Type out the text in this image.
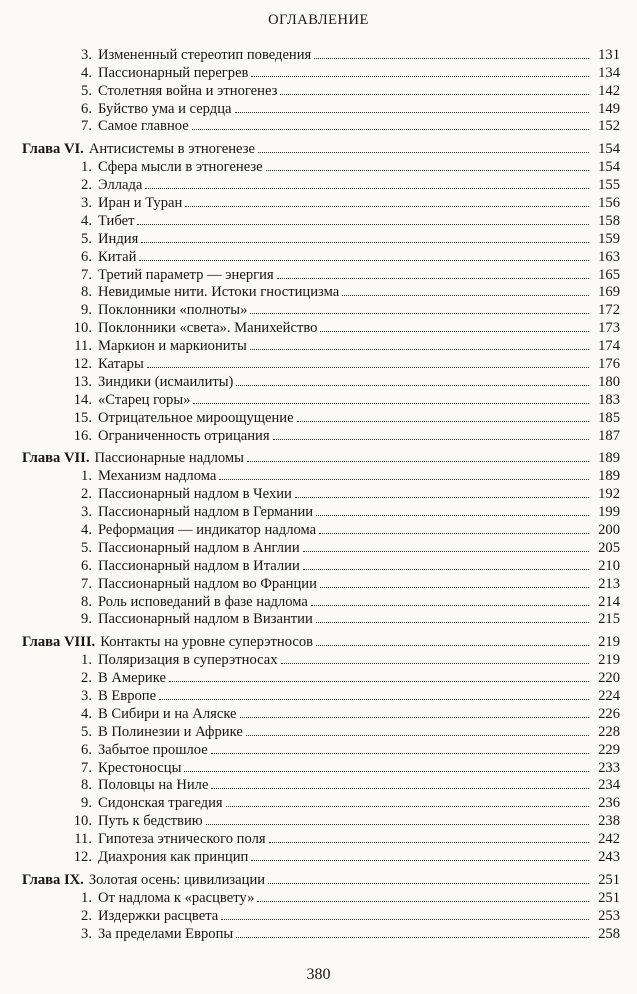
ОГЛАВЛЕНИЕ
3. Измененный стереотип поведения	131
4. Пассионарный перегрев	134
5. Столетняя война и этногенез	142
6. Буйство ума и сердца	149
7. Самое главное	152
Глава VI. Антисистемы в этногенезе	154
1. Сфера мысли в этногенезе	154
2. Эллада	155
3. Иран и Туран	156
4. Тибет	158
5. Индия	159
6. Китай	163
7. Третий параметр — энергия	165
8. Невидимые нити. Истоки гностицизма	169
9. Поклонники «полноты»	172
10. Поклонники «света». Манихейство	173
11. Маркион и маркиониты	174
12. Катары	176
13. Зиндики (исмаилиты)	180
14. «Старец горы»	183
15. Отрицательное мироощущение	185
16. Ограниченность отрицания	187
Глава VII. Пассионарные надломы	189
1. Механизм надлома	189
2. Пассионарный надлом в Чехии	192
3. Пассионарный надлом в Германии	199
4. Реформация — индикатор надлома	200
5. Пассионарный надлом в Англии	205
6. Пассионарный надлом в Италии	210
7. Пассионарный надлом во Франции	213
8. Роль исповеданий в фазе надлома	214
9. Пассионарный надлом в Византии	215
Глава VIII. Контакты на уровне суперэтносов	219
1. Поляризация в суперэтносах	219
2. В Америке	220
3. В Европе	224
4. В Сибири и на Аляске	226
5. В Полинезии и Африке	228
6. Забытое прошлое	229
7. Крестоносцы	233
8. Половцы на Ниле	234
9. Сидонская трагедия	236
10. Путь к бедствию	238
11. Гипотеза этнического поля	242
12. Диахрония как принцип	243
Глава IX. Золотая осень: цивилизации	251
1. От надлома к «расцвету»	251
2. Издержки расцвета	253
3. За пределами Европы	258
380
